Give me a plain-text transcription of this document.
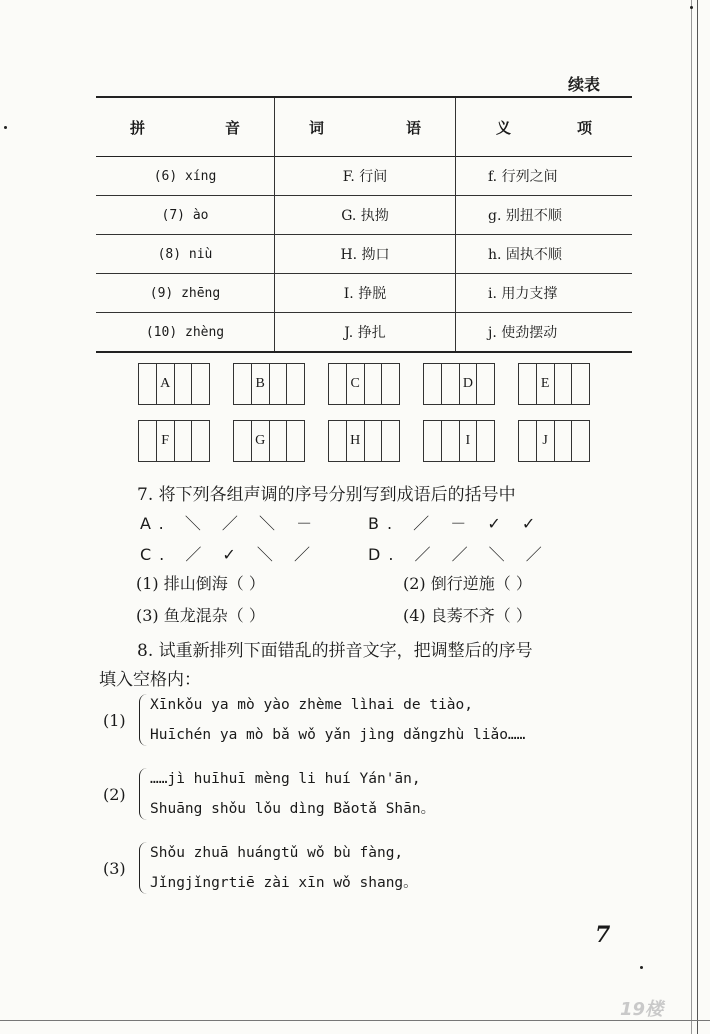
续表
拼 音	词 语	义 项

(6) xíng	F. 行间	f. 行列之间
(7) ào	G. 执拗	g. 别扭不顺
(8) niù	H. 拗口	h. 固执不顺
(9) zhēng	I. 挣脱	i. 用力支撑
(10) zhèng	J. 挣扎	j. 使劲摆动
A	B	C	D	E
F	G	H	I	J
7. 将下列各组声调的序号分别写到成语后的括号中
A. ＼ ／ ＼ －	B. ／ － ✓ ✓
C. ／ ✓ ＼ ／	D. ／ ／ ＼ ／
(1) 排山倒海（ ）	(2) 倒行逆施（ ）
(3) 鱼龙混杂（ ）	(4) 良莠不齐（ ）
8. 试重新排列下面错乱的拼音文字，把调整后的序号
填入空格内：
(1)
Xīnkǒu ya mò yào zhème lìhai de tiào,
Huīchén ya mò bǎ wǒ yǎn jìng dǎngzhù liǎo……
(2)
……jì huīhuī mèng li huí Yán'ān,
Shuāng shǒu lǒu dìng Bǎotǎ Shān。
(3)
Shǒu zhuā huángtǔ wǒ bù fàng,
Jǐngjǐngrtiē zài xīn wǒ shang。
7
19楼
